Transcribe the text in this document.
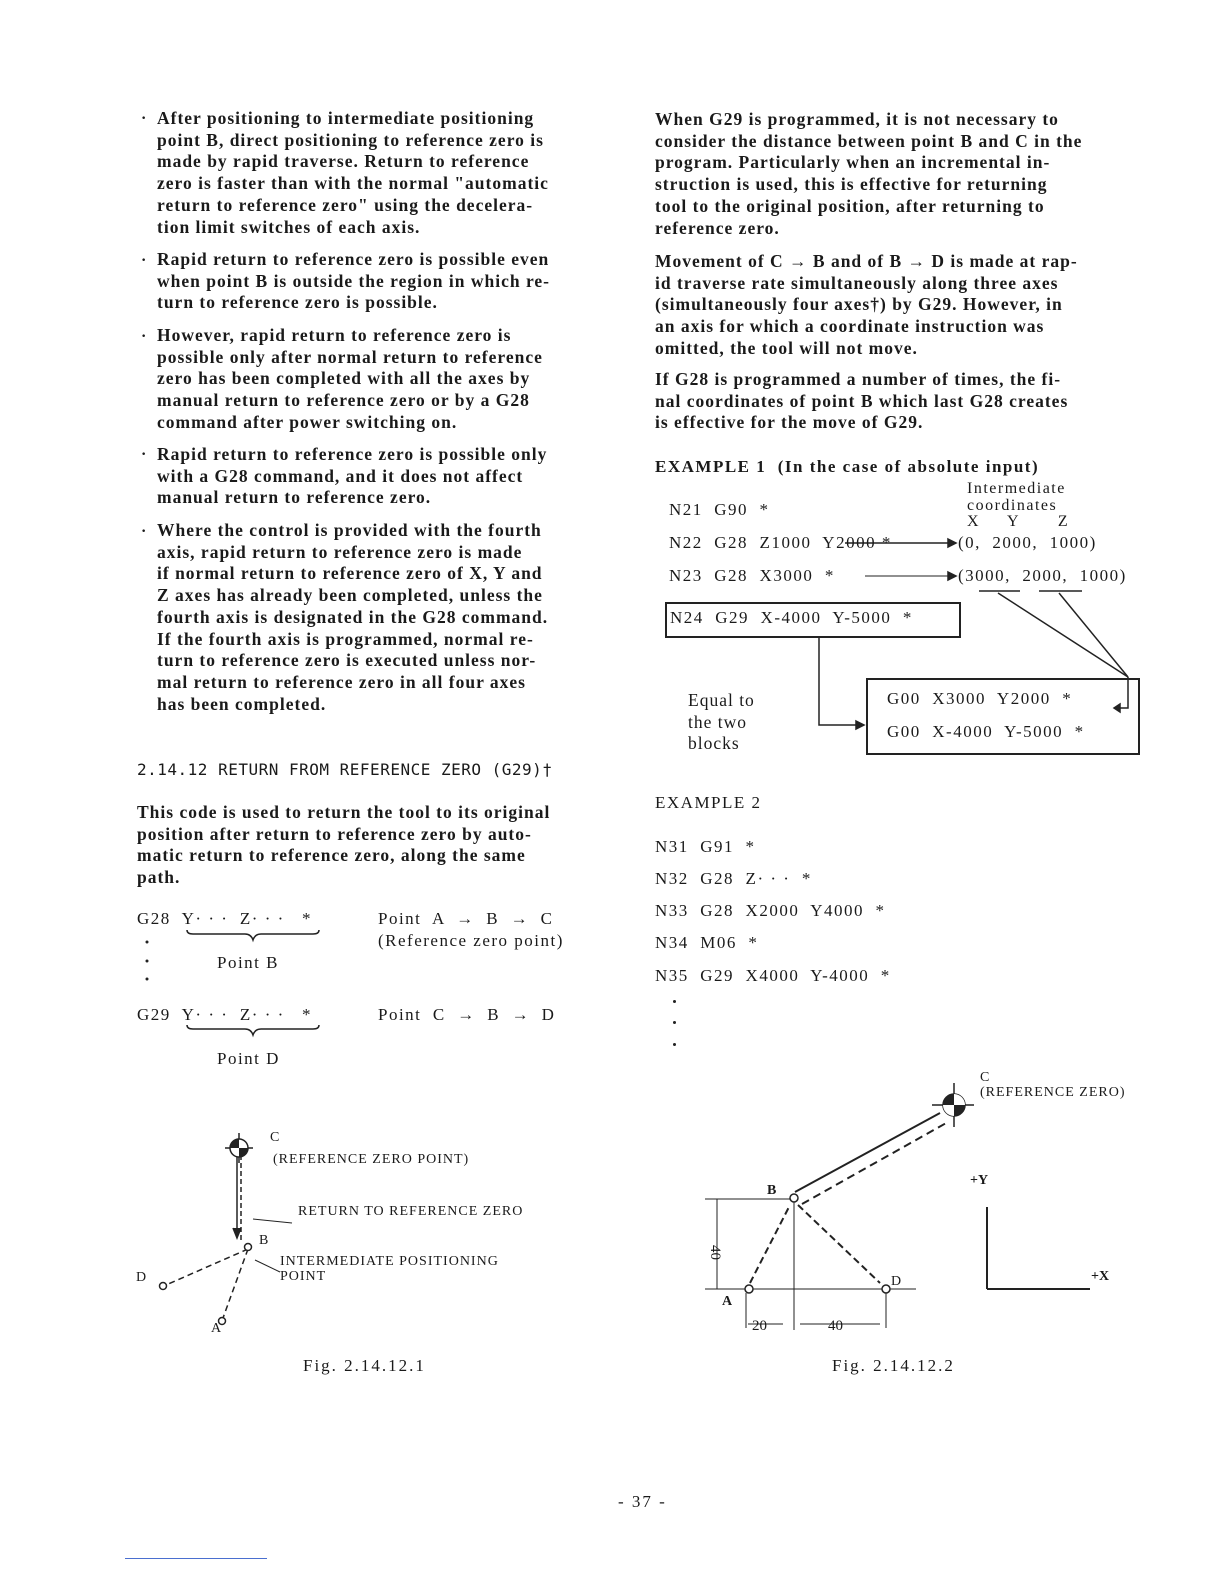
· After positioning to intermediate positioning
point B, direct positioning to reference zero is
made by rapid traverse. Return to reference
zero is faster than with the normal "automatic
return to reference zero" using the decelera-
tion limit switches of each axis.
· Rapid return to reference zero is possible even
when point B is outside the region in which re-
turn to reference zero is possible.
· However, rapid return to reference zero is
possible only after normal return to reference
zero has been completed with all the axes by
manual return to reference zero or by a G28
command after power switching on.
· Rapid return to reference zero is possible only
with a G28 command, and it does not affect
manual return to reference zero.
· Where the control is provided with the fourth
axis, rapid return to reference zero is made
if normal return to reference zero of X, Y and
Z axes has already been completed, unless the
fourth axis is designated in the G28 command.
If the fourth axis is programmed, normal re-
turn to reference zero is executed unless nor-
mal return to reference zero in all four axes
has been completed.
2.14.12 RETURN FROM REFERENCE ZERO (G29)†
This code is used to return the tool to its original
position after return to reference zero by auto-
matic return to reference zero, along the same
path.
G28  Y· · ·  Z· · ·   *	Point  A  →  B  →  C
(Reference zero point)
Point B
G29  Y· · ·  Z· · ·   *	Point  C  →  B  →  D
Point D
C
(REFERENCE ZERO POINT)
RETURN TO REFERENCE ZERO
B
INTERMEDIATE POSITIONING
POINT
D
A
C
(REFERENCE ZERO)
B
A
D
40
20	40
+Y
+X
Fig. 2.14.12.1	Fig. 2.14.12.2
When G29 is programmed, it is not necessary to
consider the distance between point B and C in the
program. Particularly when an incremental in-
struction is used, this is effective for returning
tool to the original position, after returning to
reference zero.
Movement of C → B and of B → D is made at rap-
id traverse rate simultaneously along three axes
(simultaneously four axes†) by G29. However, in
an axis for which a coordinate instruction was
omitted, the tool will not move.
If G28 is programmed a number of times, the fi-
nal coordinates of point B which last G28 creates
is effective for the move of G29.
EXAMPLE 1  (In the case of absolute input)
Intermediate
coordinates
X     Y       Z
N21  G90  *
N22  G28  Z1000  Y2000 *
N23  G28  X3000  *
(0,  2000,  1000)
(3000,  2000,  1000)
N24  G29  X-4000  Y-5000  *
Equal to
the two
blocks
G00  X3000  Y2000  *
G00  X-4000  Y-5000  *
EXAMPLE 2
N31  G91  *
N32  G28  Z· · ·  *
N33  G28  X2000  Y4000  *
N34  M06  *
N35  G29  X4000  Y-4000  *
- 37 -
